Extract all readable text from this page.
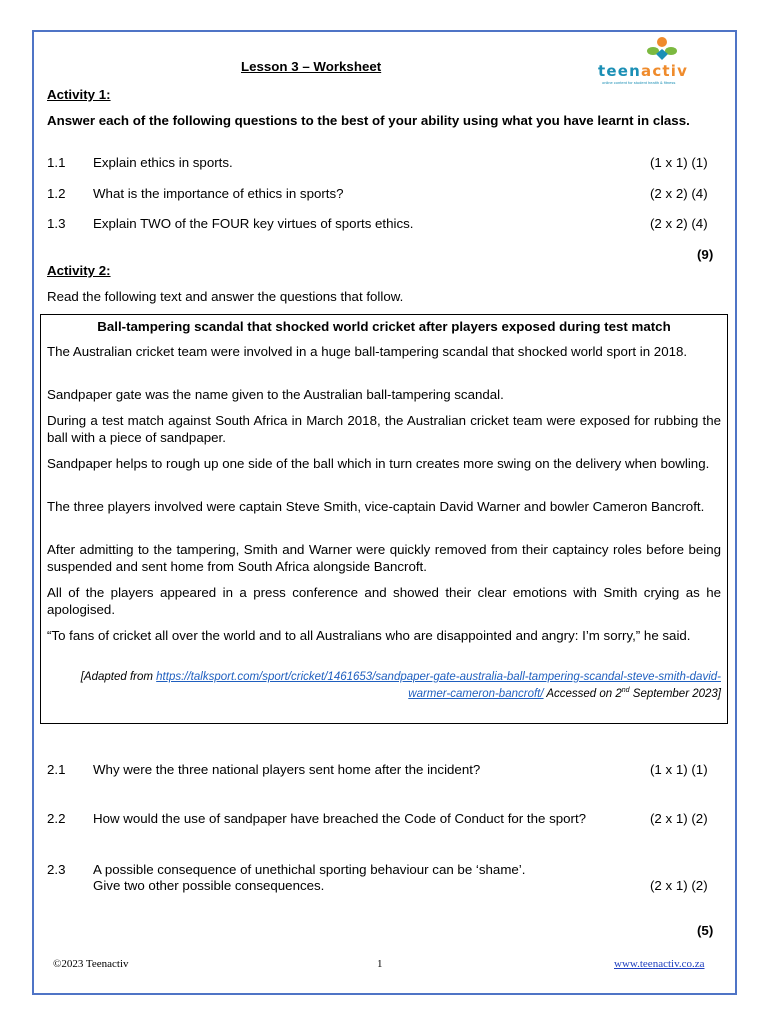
Lesson 3 – Worksheet	teenactiv
online content for student health & fitness
Activity 1:
Answer each of the following questions to the best of your ability using what you have learnt in class.
1.1 Explain ethics in sports.	(1 x 1) (1)
1.2 What is the importance of ethics in sports?	(2 x 2) (4)
1.3 Explain TWO of the FOUR key virtues of sports ethics.	(2 x 2) (4)
(9)
Activity 2:
Read the following text and answer the questions that follow.
Ball-tampering scandal that shocked world cricket after players exposed during test match
The Australian cricket team were involved in a huge ball-tampering scandal that shocked world sport in 2018.
Sandpaper gate was the name given to the Australian ball-tampering scandal.
During a test match against South Africa in March 2018, the Australian cricket team were exposed for rubbing the ball with a piece of sandpaper.
Sandpaper helps to rough up one side of the ball which in turn creates more swing on the delivery when bowling.
The three players involved were captain Steve Smith, vice-captain David Warner and bowler Cameron Bancroft.
After admitting to the tampering, Smith and Warner were quickly removed from their captaincy roles before being suspended and sent home from South Africa alongside Bancroft.
All of the players appeared in a press conference and showed their clear emotions with Smith crying as he apologised.
“To fans of cricket all over the world and to all Australians who are disappointed and angry: I’m sorry,” he said.
[Adapted from https://talksport.com/sport/cricket/1461653/sandpaper-gate-australia-ball-tampering-scandal-steve-smith-david-
warmer-cameron-bancroft/ Accessed on 2nd September 2023]
2.1 Why were the three national players sent home after the incident?	(1 x 1) (1)
2.2 How would the use of sandpaper have breached the Code of Conduct for the sport?	(2 x 1) (2)
2.3 A possible consequence of unethichal sporting behaviour can be ‘shame’.
Give two other possible consequences.	(2 x 1) (2)
(5)
©2023 Teenactiv	1	www.teenactiv.co.za
